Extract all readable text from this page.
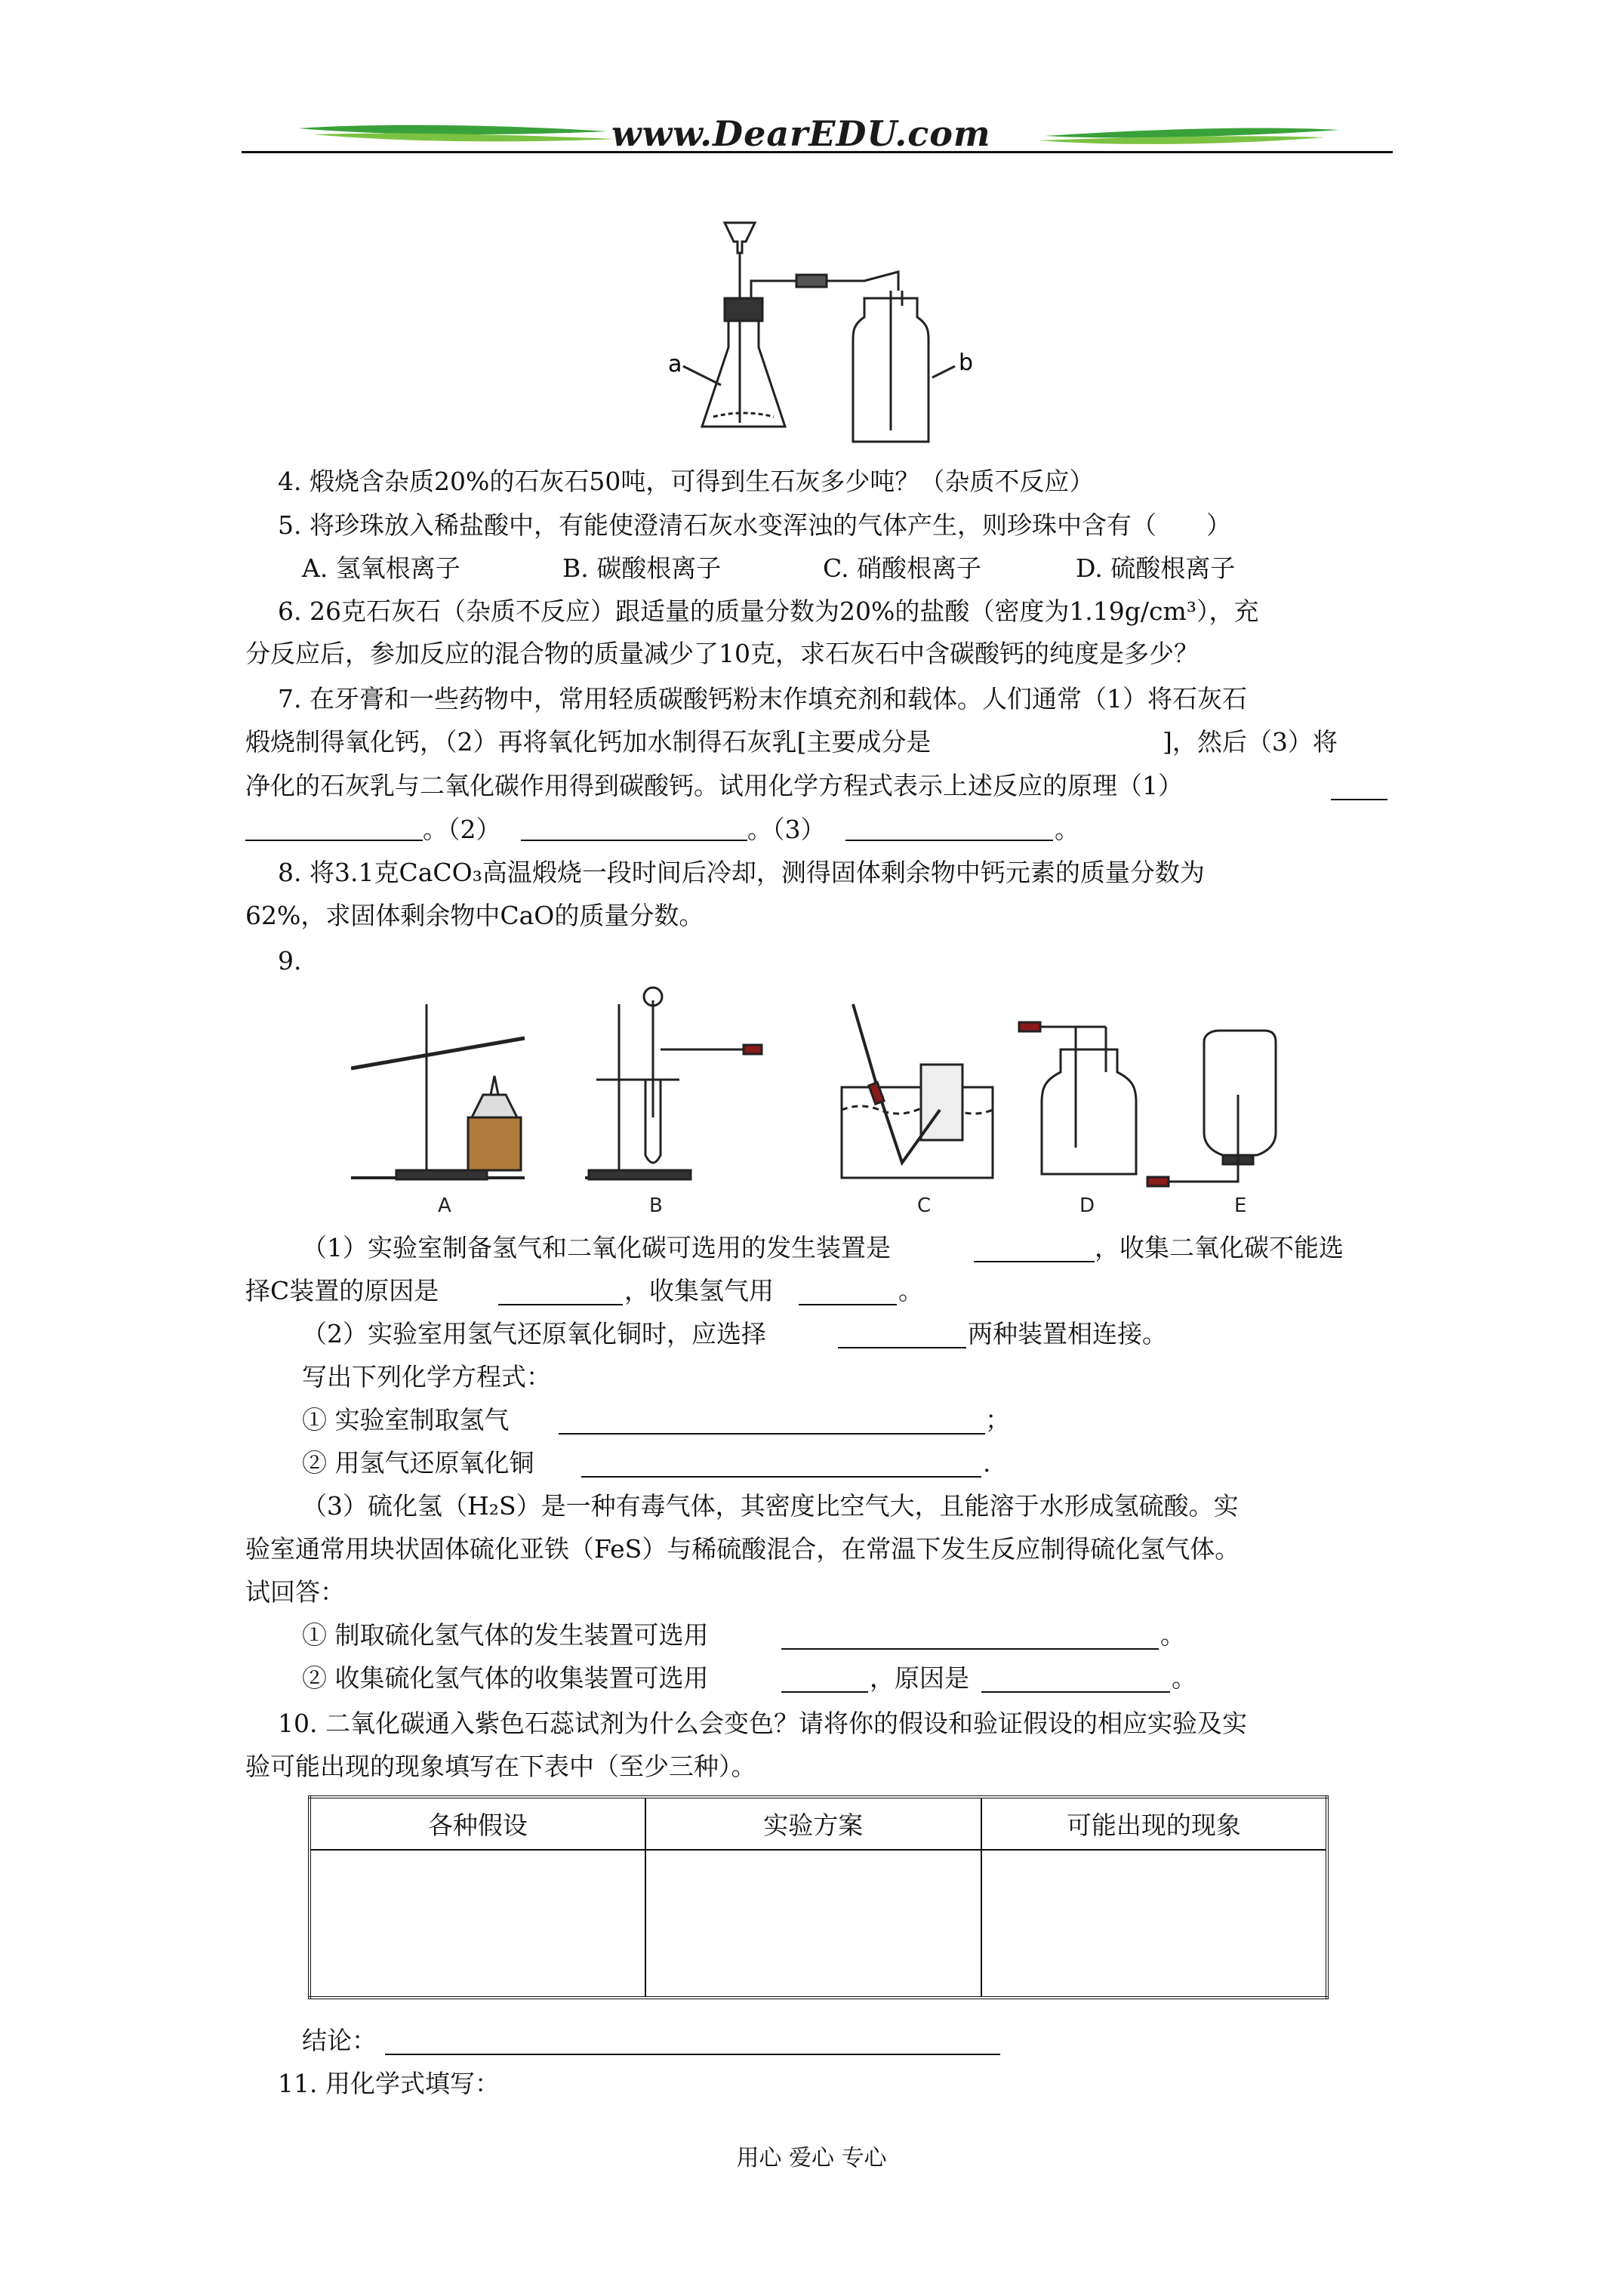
www.DearEDU.com
a	b
4. 煅烧含杂质20%的石灰石50吨，可得到生石灰多少吨？（杂质不反应）
5. 将珍珠放入稀盐酸中，有能使澄清石灰水变浑浊的气体产生，则珍珠中含有（　　）
A. 氢氧根离子	B. 碳酸根离子	C. 硝酸根离子	D. 硫酸根离子
6. 26克石灰石（杂质不反应）跟适量的质量分数为20%的盐酸（密度为1.19g/cm³），充
分反应后，参加反应的混合物的质量减少了10克，求石灰石中含碳酸钙的纯度是多少？
7. 在牙膏和一些药物中，常用轻质碳酸钙粉末作填充剂和载体。人们通常（1）将石灰石
煅烧制得氧化钙，（2）再将氧化钙加水制得石灰乳[主要成分是	]，然后（3）将
净化的石灰乳与二氧化碳作用得到碳酸钙。试用化学方程式表示上述反应的原理（1）
。（2）	。（3）	。
8. 将3.1克CaCO₃高温煅烧一段时间后冷却，测得固体剩余物中钙元素的质量分数为
62%，求固体剩余物中CaO的质量分数。
9.
A	B	C	D	E
（1）实验室制备氢气和二氧化碳可选用的发生装置是	，收集二氧化碳不能选
择C装置的原因是	，收集氢气用	。
（2）实验室用氢气还原氧化铜时，应选择	两种装置相连接。
写出下列化学方程式：
① 实验室制取氢气	；
② 用氢气还原氧化铜	.
（3）硫化氢（H₂S）是一种有毒气体，其密度比空气大，且能溶于水形成氢硫酸。实
验室通常用块状固体硫化亚铁（FeS）与稀硫酸混合，在常温下发生反应制得硫化氢气体。
试回答：
① 制取硫化氢气体的发生装置可选用	。
② 收集硫化氢气体的收集装置可选用	，原因是	。
10. 二氧化碳通入紫色石蕊试剂为什么会变色？请将你的假设和验证假设的相应实验及实
验可能出现的现象填写在下表中（至少三种）。
各种假设	实验方案	可能出现的现象

结论：
11. 用化学式填写：
用心 爱心 专心
